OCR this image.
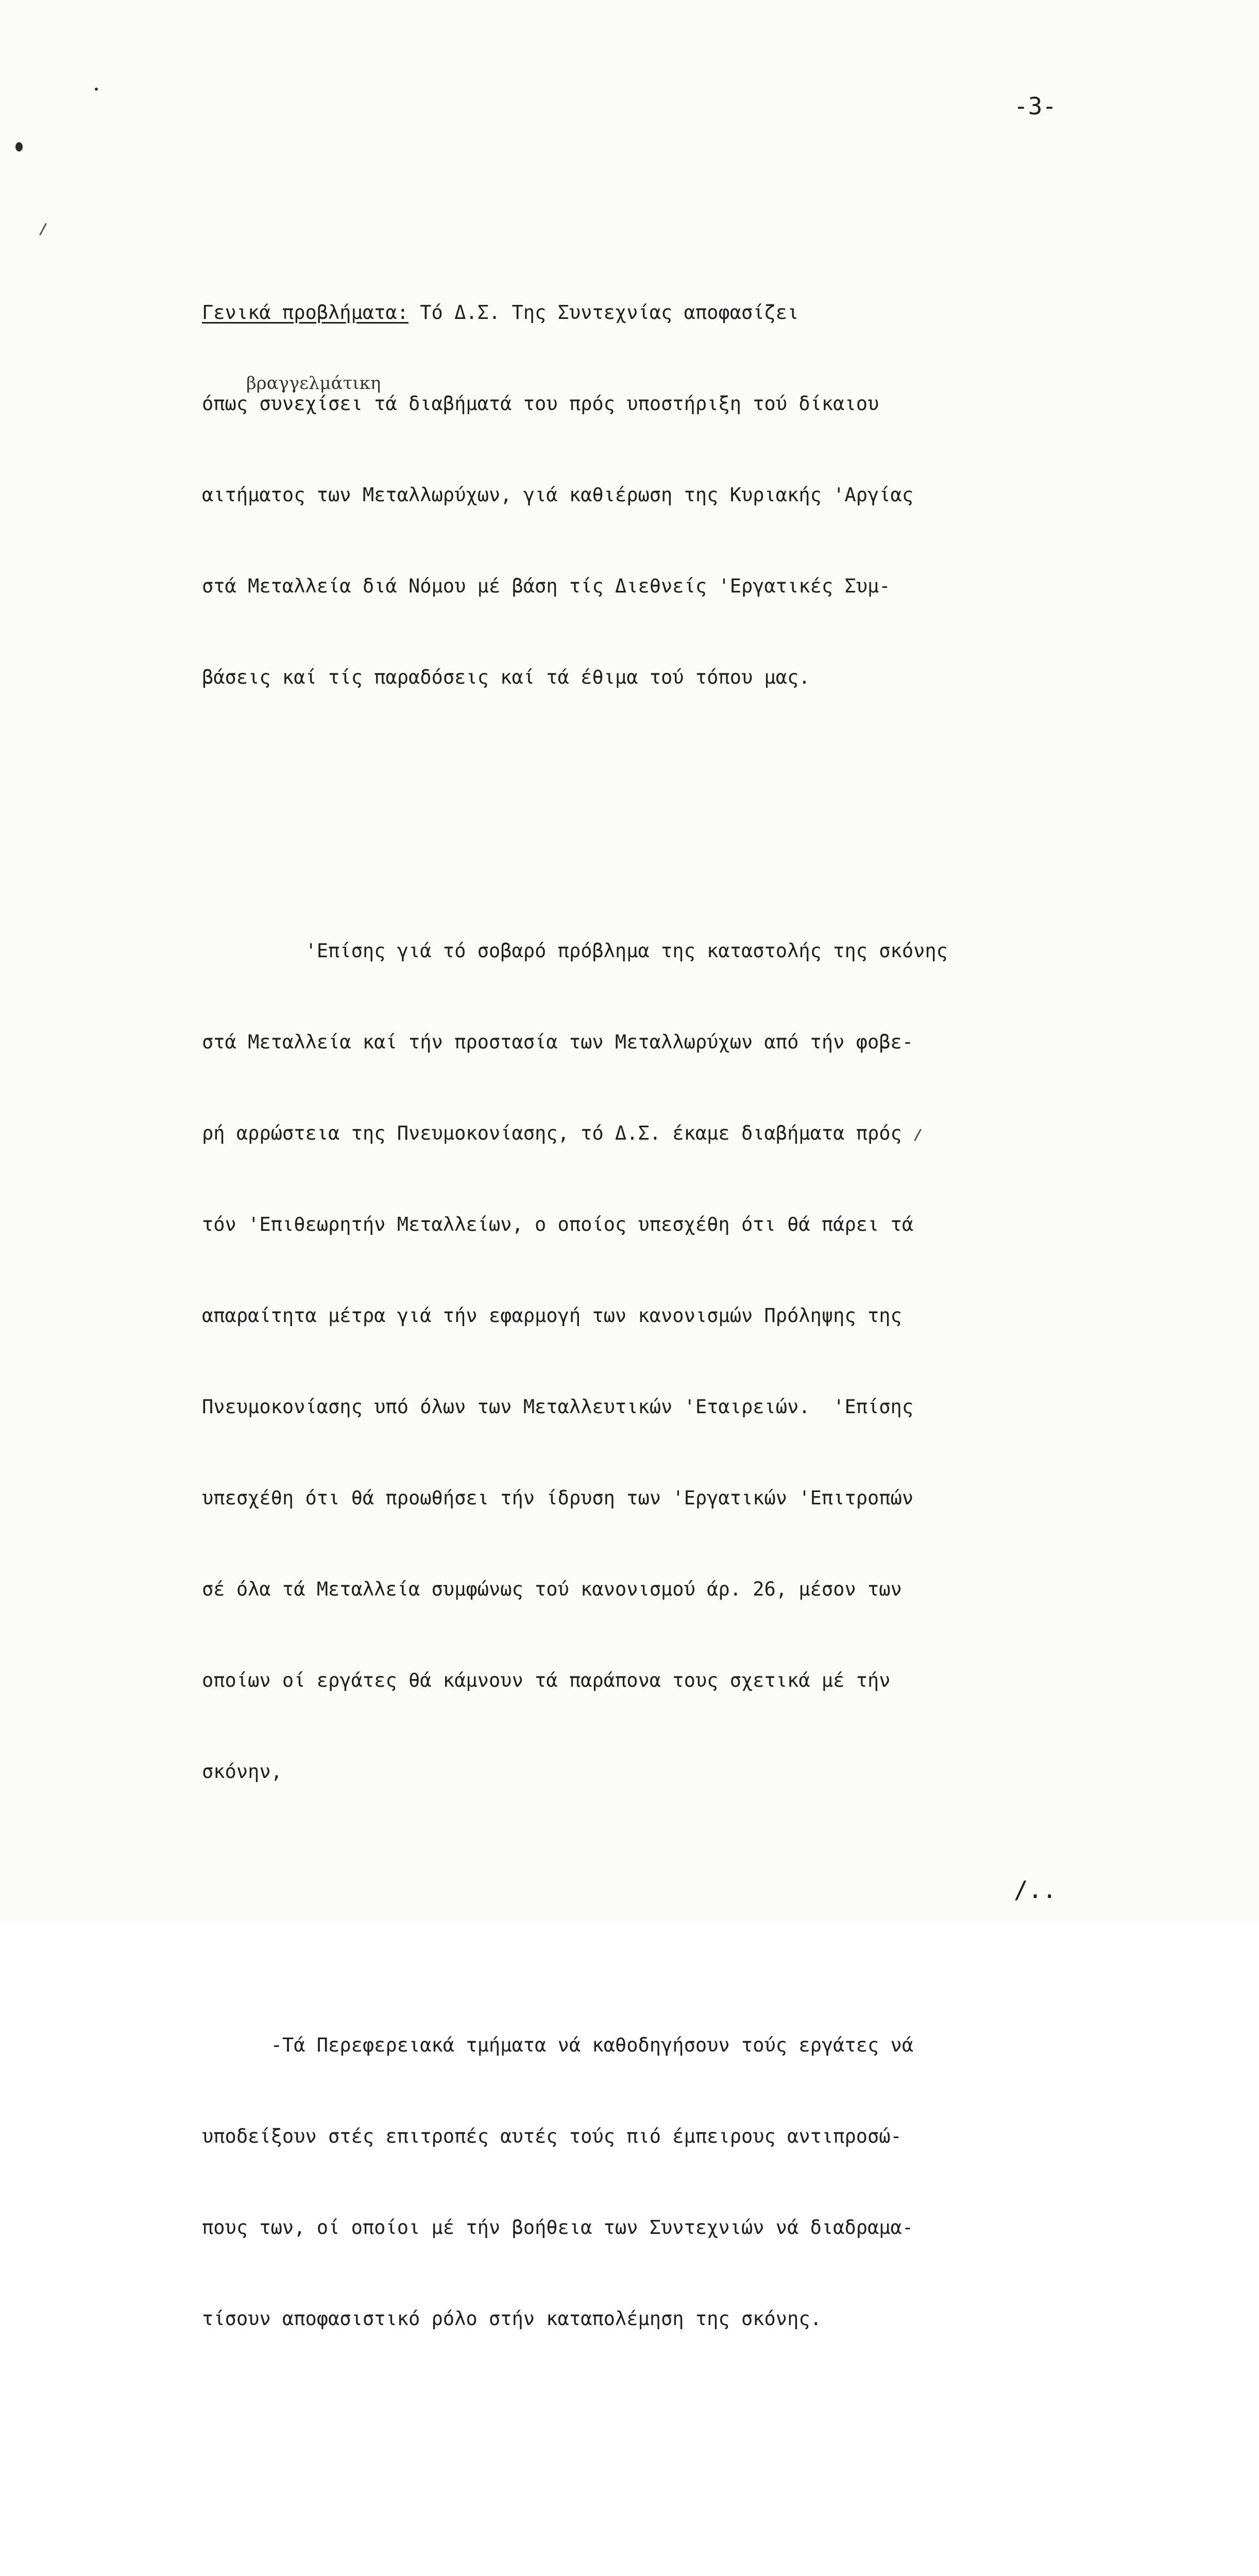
-3-

Γενικά προβλήματα: Τό Δ.Σ. Της Συντεχνίας αποφασίζει

όπως συνεχίσει τά διαβήματά του πρός υποστήριξη τού δίκαιου

αιτήματος των Μεταλλωρύχων, γιά καθιέρωση της Κυριακής 'Αργίας

στά Μεταλλεία διά Νόμου μέ βάση τίς Διεθνείς 'Εργατικές Συμ-

βάσεις καί τίς παραδόσεις καί τά έθιμα τού τόπου μας.

'Επίσης γιά τό σοβαρό πρόβλημα της καταστολής της σκόνης

στά Μεταλλεία καί τήν προστασία των Μεταλλωρύχων από τήν φοβε-

ρή αρρώστεια της Πνευμοκονίασης, τό Δ.Σ. έκαμε διαβήματα πρός

τόν 'Επιθεωρητήν Μεταλλείων, ο οποίος υπεσχέθη ότι θά πάρει τά

απαραίτητα μέτρα γιά τήν εφαρμογή των κανονισμών Πρόληψης της

Πνευμοκονίασης υπό όλων των Μεταλλευτικών 'Εταιρειών.  'Επίσης

υπεσχέθη ότι θά προωθήσει τήν ίδρυση των 'Εργατικών 'Επιτροπών

σέ όλα τά Μεταλλεία συμφώνως τού κανονισμού άρ. 26, μέσον των

οποίων οί εργάτες θά κάμνουν τά παράπονα τους σχετικά μέ τήν

σκόνην,

-Τά Περεφερειακά τμήματα νά καθοδηγήσουν τούς εργάτες νά

υποδείξουν στές επιτροπές αυτές τούς πιό έμπειρους αντιπροσώ-

πους των, οί οποίοι μέ τήν βοήθεια των Συντεχνιών νά διαδραμα-

τίσουν αποφασιστικό ρόλο στήν καταπολέμηση της σκόνης.

βραγγελμάτικη
/..
